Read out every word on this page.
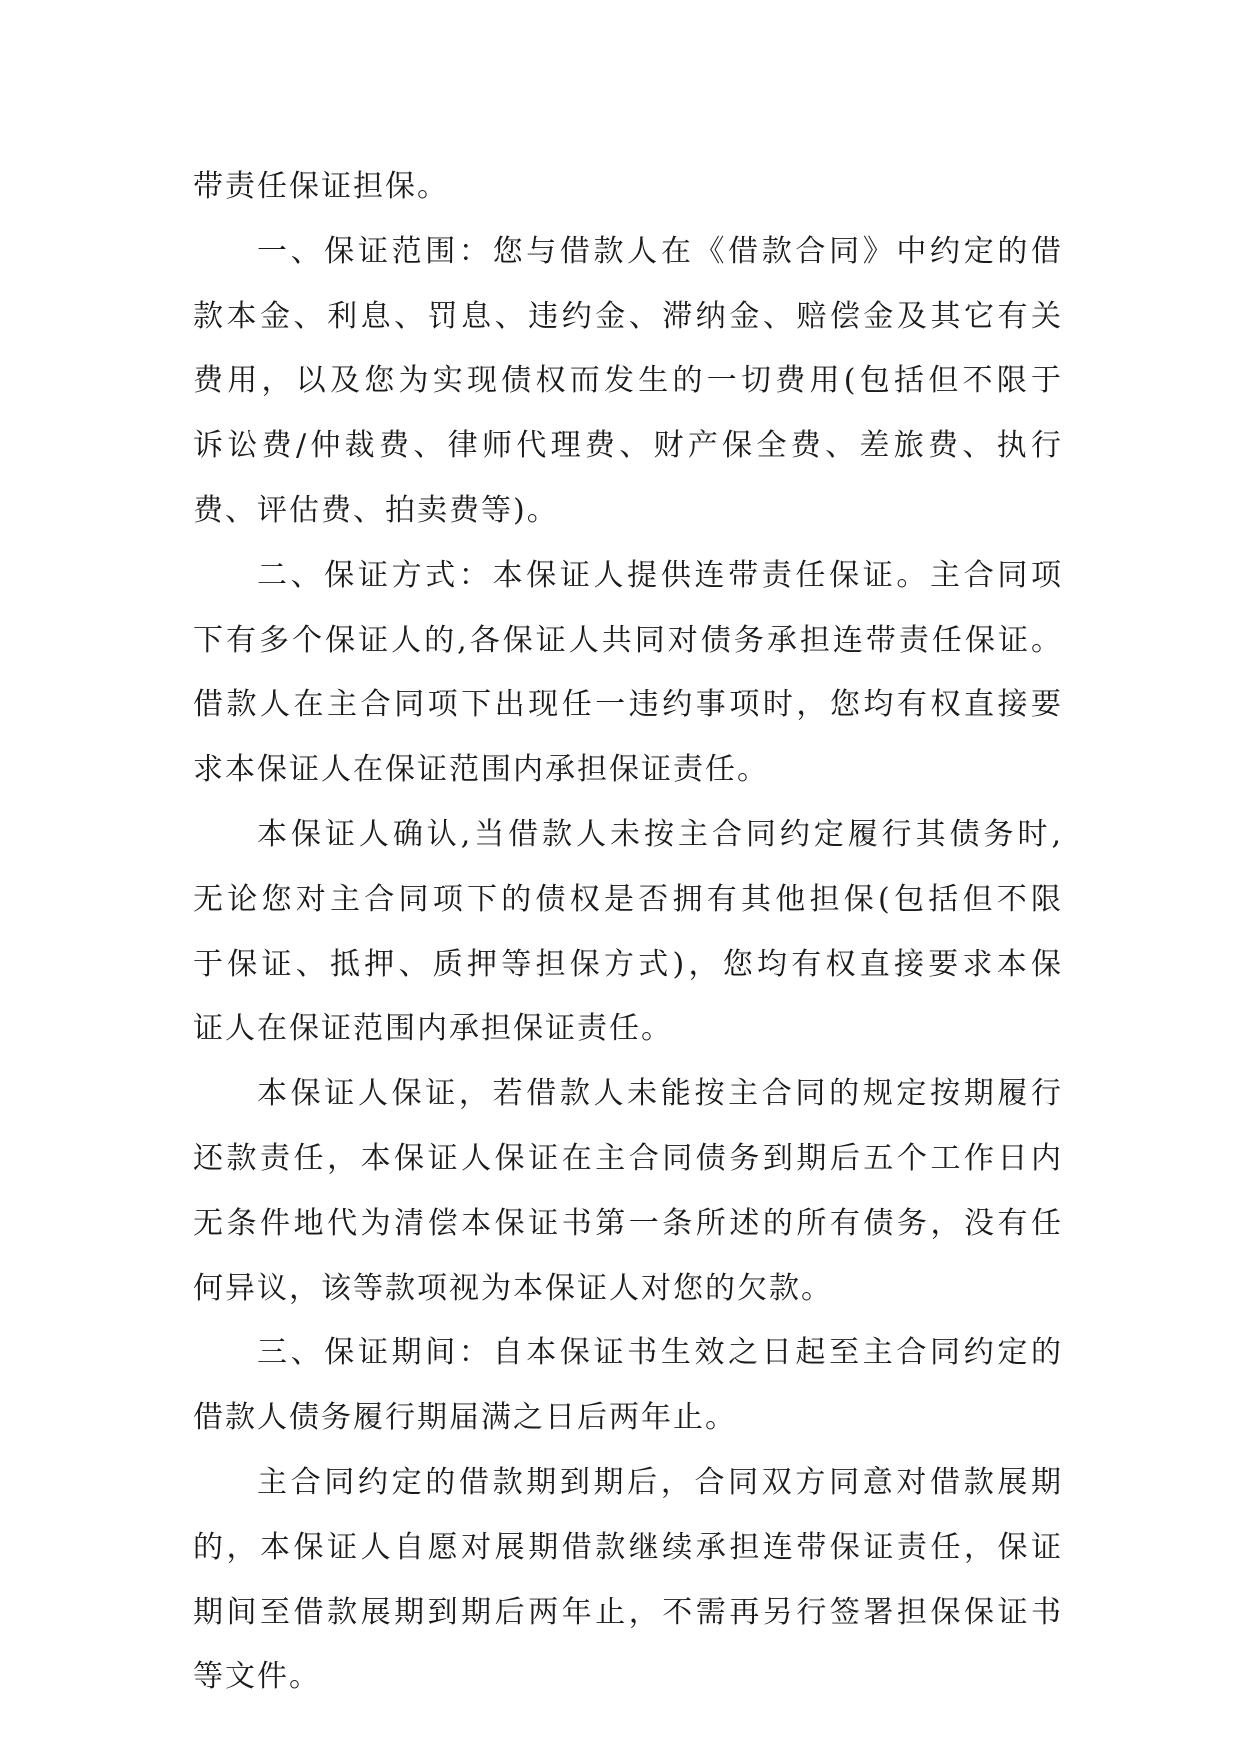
带责任保证担保。
一、保证范围：您与借款人在《借款合同》中约定的借
款本金、利息、罚息、违约金、滞纳金、赔偿金及其它有关
费用，以及您为实现债权而发生的一切费用(包括但不限于
诉讼费/仲裁费、律师代理费、财产保全费、差旅费、执行
费、评估费、拍卖费等)。
二、保证方式：本保证人提供连带责任保证。主合同项
下有多个保证人的,各保证人共同对债务承担连带责任保证。
借款人在主合同项下出现任一违约事项时，您均有权直接要
求本保证人在保证范围内承担保证责任。
本保证人确认,当借款人未按主合同约定履行其债务时,
无论您对主合同项下的债权是否拥有其他担保(包括但不限
于保证、抵押、质押等担保方式)，您均有权直接要求本保
证人在保证范围内承担保证责任。
本保证人保证，若借款人未能按主合同的规定按期履行
还款责任，本保证人保证在主合同债务到期后五个工作日内
无条件地代为清偿本保证书第一条所述的所有债务，没有任
何异议，该等款项视为本保证人对您的欠款。
三、保证期间：自本保证书生效之日起至主合同约定的
借款人债务履行期届满之日后两年止。
主合同约定的借款期到期后，合同双方同意对借款展期
的，本保证人自愿对展期借款继续承担连带保证责任，保证
期间至借款展期到期后两年止，不需再另行签署担保保证书
等文件。
